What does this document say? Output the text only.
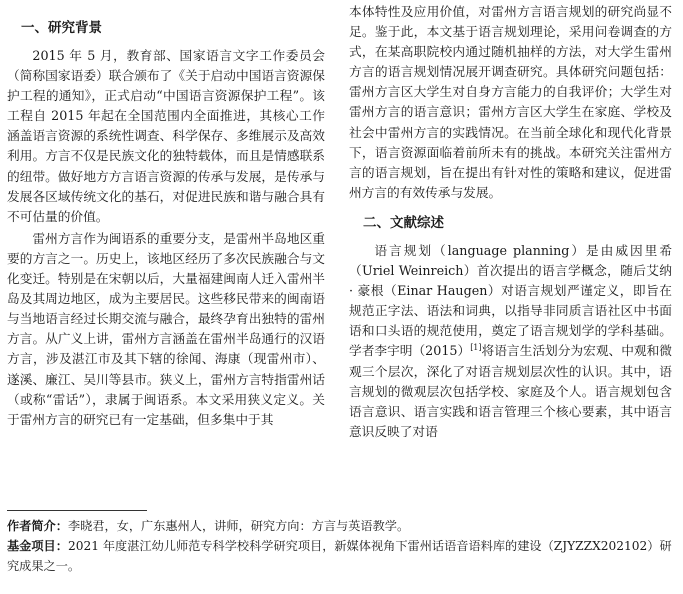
一、研究背景

2015 年 5 月，教育部、国家语言文字工作委员会（简称国家语委）联合颁布了《关于启动中国语言资源保护工程的通知》，正式启动“中国语言资源保护工程”。该工程自 2015 年起在全国范围内全面推进，其核心工作涵盖语言资源的系统性调查、科学保存、多维展示及高效利用。方言不仅是民族文化的独特载体，而且是情感联系的纽带。做好地方方言语言资源的传承与发展，是传承与发展各区域传统文化的基石，对促进民族和谐与融合具有不可估量的价值。

雷州方言作为闽语系的重要分支，是雷州半岛地区重要的方言之一。历史上，该地区经历了多次民族融合与文化变迁。特别是在宋朝以后，大量福建闽南人迁入雷州半岛及其周边地区，成为主要居民。这些移民带来的闽南语与当地语言经过长期交流与融合，最终孕育出独特的雷州方言。从广义上讲，雷州方言涵盖在雷州半岛通行的汉语方言，涉及湛江市及其下辖的徐闻、海康（现雷州市）、遂溪、廉江、吴川等县市。狭义上，雷州方言特指雷州话（或称“雷话”），隶属于闽语系。本文采用狭义定义。关于雷州方言的研究已有一定基础，但多集中于其

本体特性及应用价值，对雷州方言语言规划的研究尚显不足。鉴于此，本文基于语言规划理论，采用问卷调查的方式，在某高职院校内通过随机抽样的方法，对大学生雷州方言的语言规划情况展开调查研究。具体研究问题包括：雷州方言区大学生对自身方言能力的自我评价；大学生对雷州方言的语言意识；雷州方言区大学生在家庭、学校及社会中雷州方言的实践情况。在当前全球化和现代化背景下，语言资源面临着前所未有的挑战。本研究关注雷州方言的语言规划，旨在提出有针对性的策略和建议，促进雷州方言的有效传承与发展。

二、文献综述

语言规划（language planning）是由威因里希（Uriel Weinreich）首次提出的语言学概念，随后艾纳 · 豪根（Einar Haugen）对语言规划严谨定义，即旨在规范正字法、语法和词典，以指导非同质言语社区中书面语和口头语的规范使用，奠定了语言规划学的学科基础。学者李宇明（2015）[1]将语言生活划分为宏观、中观和微观三个层次，深化了对语言规划层次性的认识。其中，语言规划的微观层次包括学校、家庭及个人。语言规划包含语言意识、语言实践和语言管理三个核心要素，其中语言意识反映了对语

作者简介：李晓君，女，广东惠州人，讲师，研究方向：方言与英语教学。

基金项目：2021 年度湛江幼儿师范专科学校科学研究项目，新媒体视角下雷州话语音语料库的建设（ZJYZZX202102）研究成果之一。
